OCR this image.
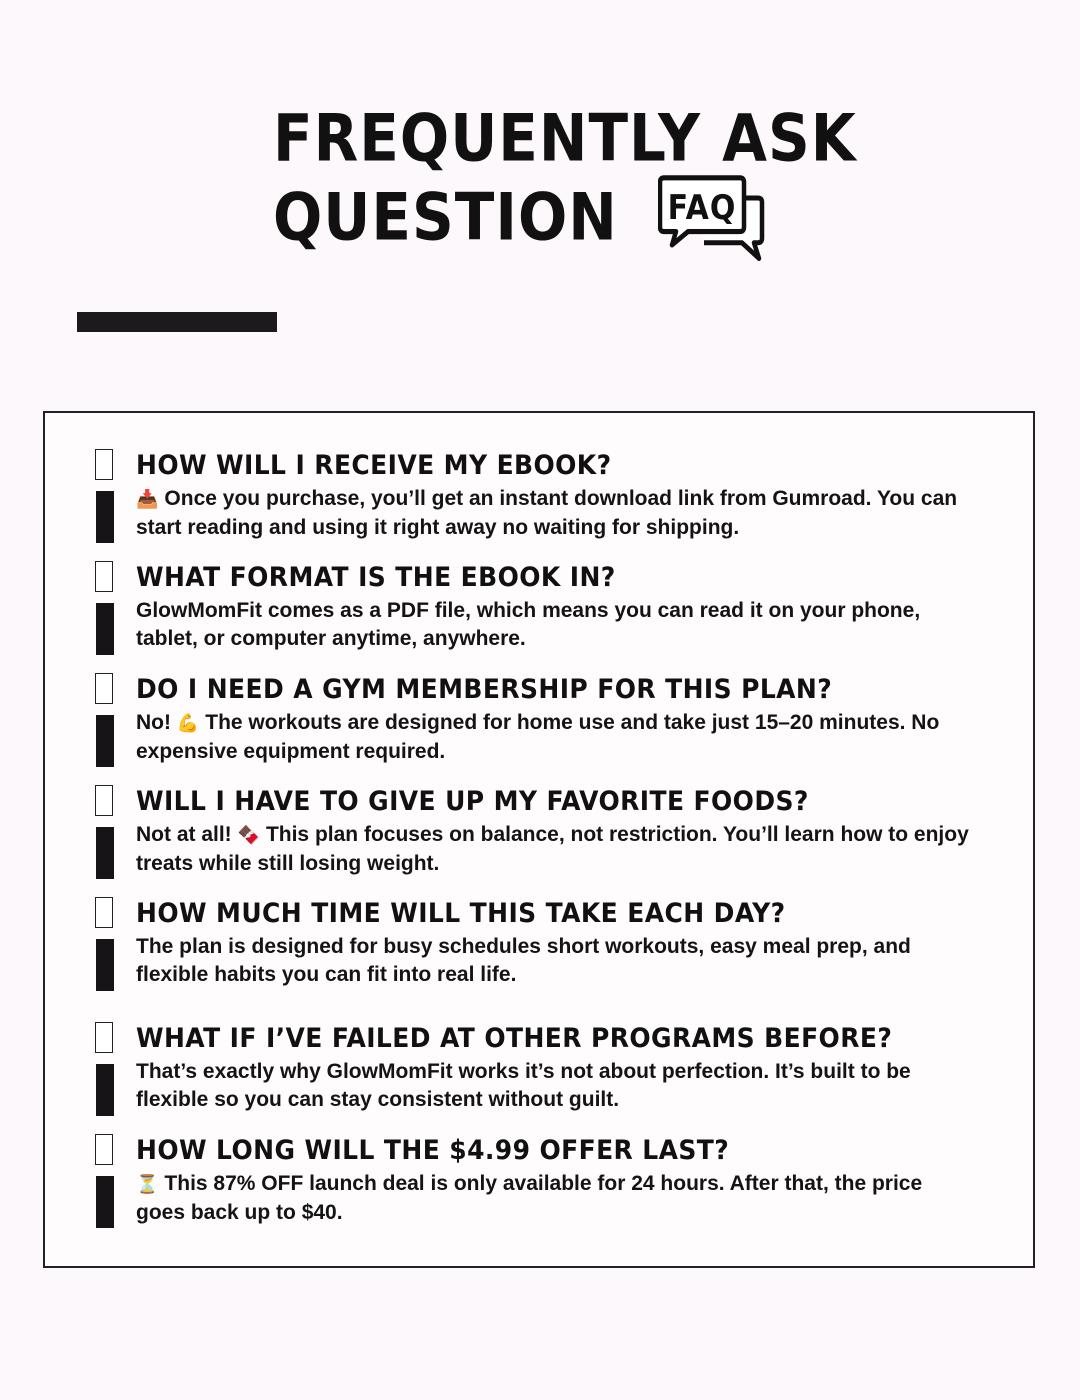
FREQUENTLY ASK
QUESTION FAQ
HOW WILL I RECEIVE MY EBOOK?
📥 Once you purchase, you’ll get an instant download link from Gumroad. You can start reading and using it right away no waiting for shipping.
WHAT FORMAT IS THE EBOOK IN?
GlowMomFit comes as a PDF file, which means you can read it on your phone, tablet, or computer anytime, anywhere.
DO I NEED A GYM MEMBERSHIP FOR THIS PLAN?
No! 💪 The workouts are designed for home use and take just 15–20 minutes. No expensive equipment required.
WILL I HAVE TO GIVE UP MY FAVORITE FOODS?
Not at all! 🍫 This plan focuses on balance, not restriction. You’ll learn how to enjoy treats while still losing weight.
HOW MUCH TIME WILL THIS TAKE EACH DAY?
The plan is designed for busy schedules short workouts, easy meal prep, and flexible habits you can fit into real life.
WHAT IF I’VE FAILED AT OTHER PROGRAMS BEFORE?
That’s exactly why GlowMomFit works it’s not about perfection. It’s built to be flexible so you can stay consistent without guilt.
HOW LONG WILL THE $4.99 OFFER LAST?
⏳ This 87% OFF launch deal is only available for 24 hours. After that, the price goes back up to $40.
